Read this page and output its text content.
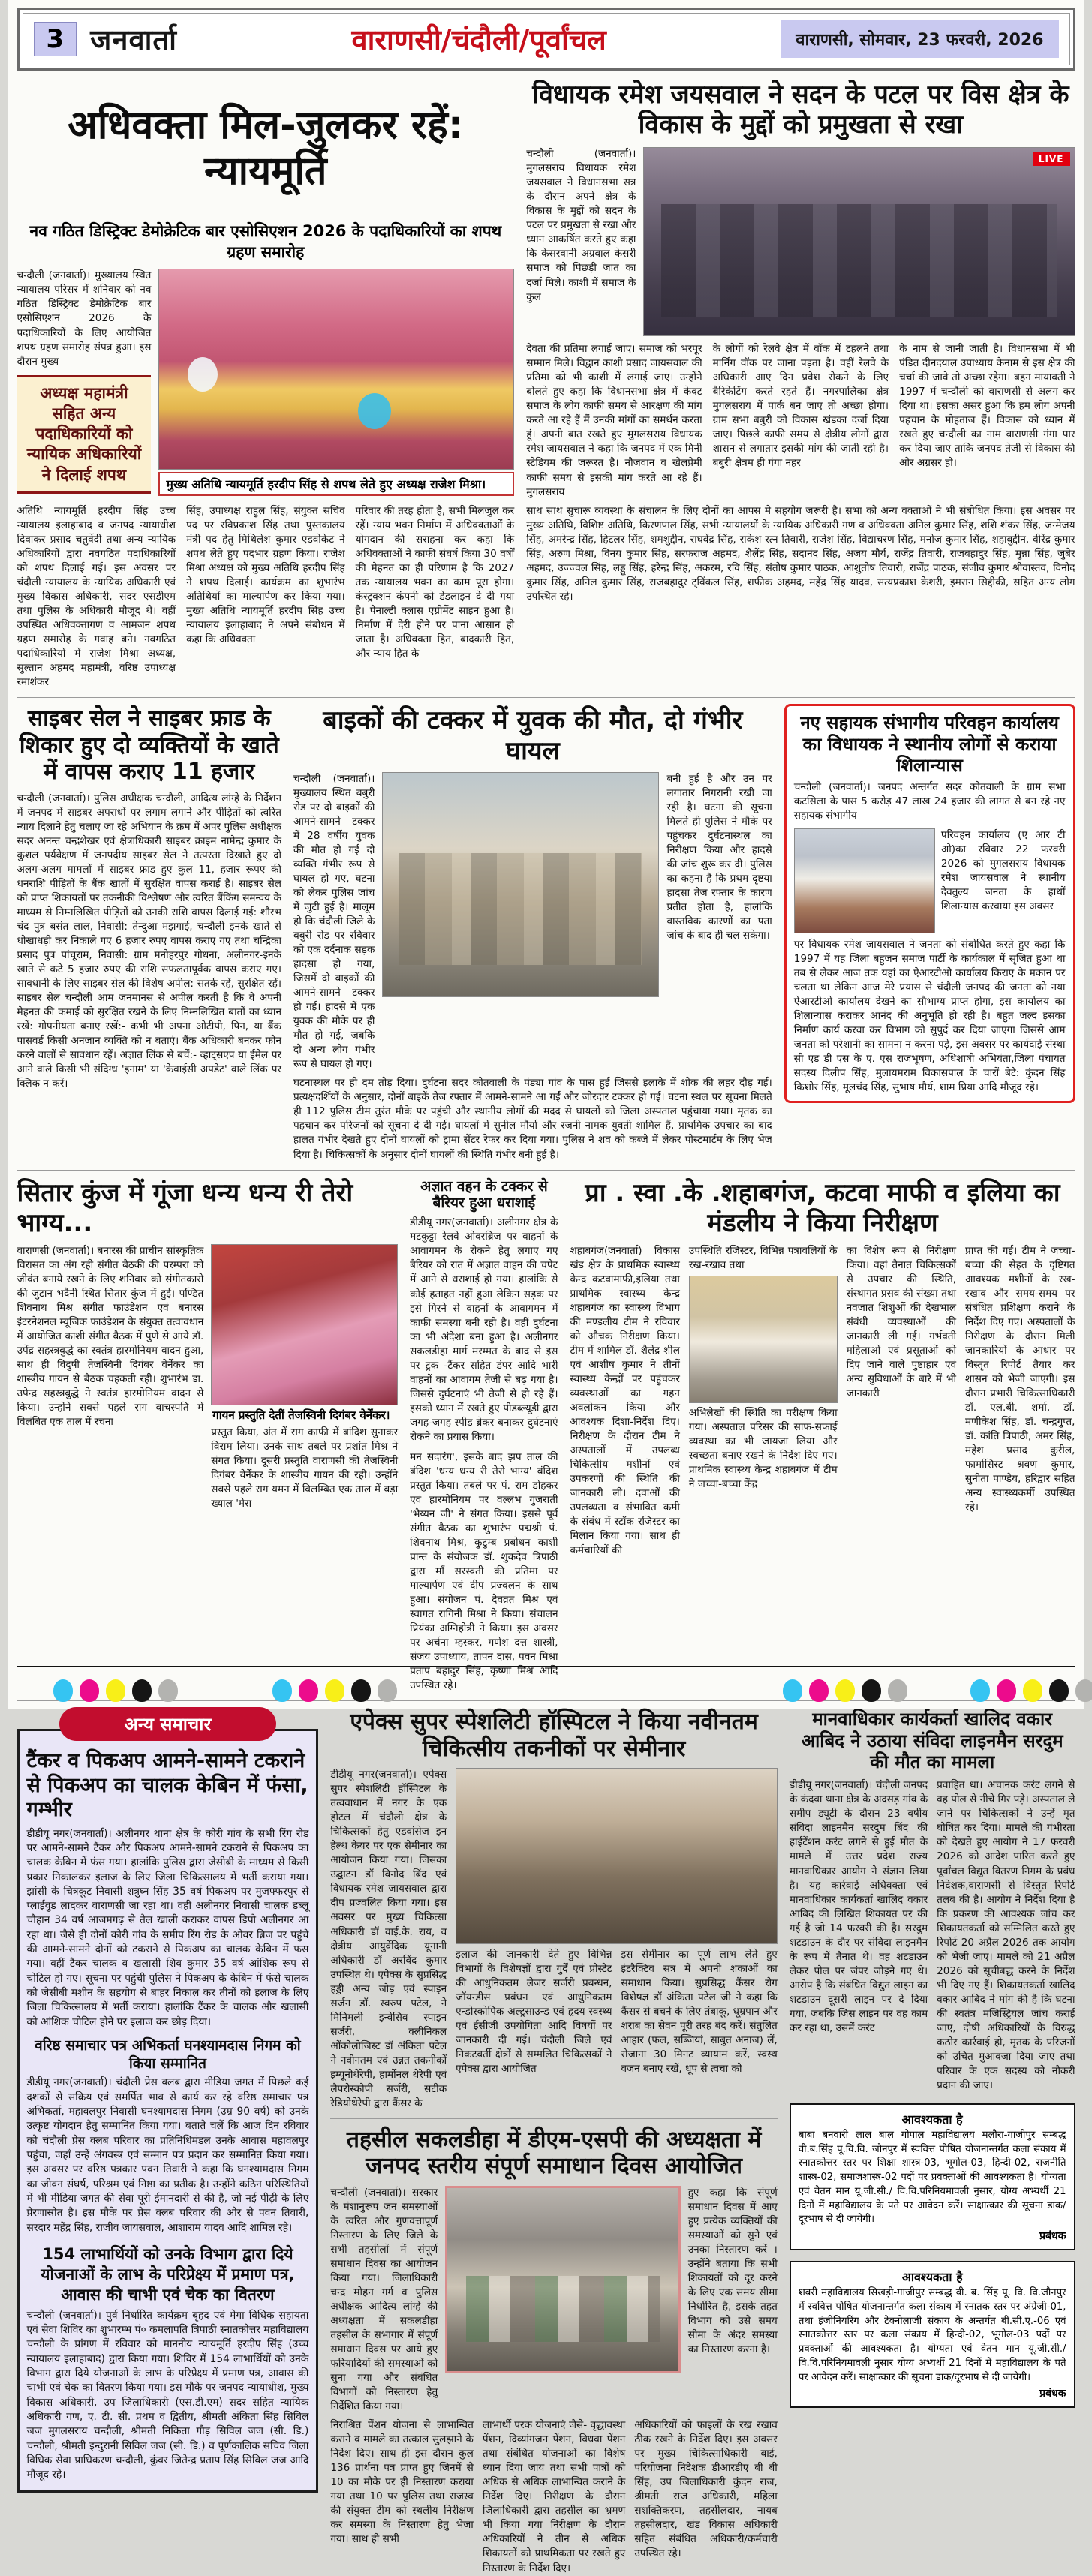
3 जनवार्ता	वाराणसी/चंदौली/पूर्वांचल	वाराणसी, सोमवार, 23 फरवरी, 2026
अधिवक्ता मिल-जुलकर रहें: न्यायमूर्ति
नव गठित डिस्ट्रिक्ट डेमोक्रेटिक बार एसोसिएशन 2026 के पदाधिकारियों का शपथ ग्रहण समारोह

चन्दौली (जनवार्ता)। मुख्यालय स्थित न्यायालय परिसर में शनिवार को नव गठित डिस्ट्रिक्ट डेमोक्रेटिक बार एसोसिएशन 2026 के पदाधिकारियों के लिए आयोजित शपथ ग्रहण समारोह संपन्न हुआ। इस दौरान मुख्य

अध्यक्ष महामंत्री सहित अन्य पदाधिकारियों को न्यायिक अधिकारियों ने दिलाई शपथ
मुख्य अतिथि न्यायमूर्ति हरदीप सिंह से शपथ लेते हुए अध्यक्ष राजेश मिश्रा।

अतिथि न्यायमूर्ति हरदीप सिंह उच्च न्यायालय इलाहाबाद व जनपद न्यायाधीश दिवाकर प्रसाद चतुर्वेदी तथा अन्य न्यायिक अधिकारियों द्वारा नवगठित पदाधिकारियों को शपथ दिलाई गई। इस अवसर पर चंदौली न्यायालय के न्यायिक अधिकारी एवं मुख्य विकास अधिकारी, सदर एसडीएम तथा पुलिस के अधिकारी मौजूद थे। वहीं उपस्थित अधिवक्तागण व आमजन शपथ ग्रहण समारोह के गवाह बने। नवगठित पदाधिकारियों में राजेश मिश्रा अध्यक्ष, सुल्तान अहमद महामंत्री, वरिष्ठ उपाध्यक्ष रमाशंकर

सिंह, उपाध्यक्ष राहुल सिंह, संयुक्त सचिव पद पर रविप्रकाश सिंह तथा पुस्तकालय मंत्री पद हेतु मिथिलेश कुमार एडवोकेट ने शपथ लेते हुए पदभार ग्रहण किया। राजेश मिश्रा अध्यक्ष को मुख्य अतिथि हरदीप सिंह ने शपथ दिलाई। कार्यक्रम का शुभारंभ अतिथियों का माल्यार्पण कर किया गया। मुख्य अतिथि न्यायमूर्ति हरदीप सिंह उच्च न्यायालय इलाहाबाद ने अपने संबोधन में कहा कि अधिवक्ता

परिवार की तरह होता है, सभी मिलजुल कर रहें। न्याय भवन निर्माण में अधिवक्ताओं के योगदान की सराहना कर कहा कि अधिवक्ताओं ने काफी संघर्ष किया 30 वर्षों की मेहनत का ही परिणाम है कि 2027 तक न्यायालय भवन का काम पूरा होगा। कंस्ट्रक्शन कंपनी को डेडलाइन दे दी गया है। पेनाल्टी क्लास एग्रीमेंट साइन हुआ है। निर्माण में देरी होने पर पाना आसान हो जाता है। अधिवक्ता हित, बादकारी हित, और न्याय हित के

विधायक रमेश जयसवाल ने सदन के पटल पर विस क्षेत्र के विकास के मुद्दों को प्रमुखता से रखा

चन्दौली (जनवार्ता)। मुगलसराय विधायक रमेश जयसवाल ने विधानसभा सत्र के दौरान अपने क्षेत्र के विकास के मुद्दों को सदन के पटल पर प्रमुखता से रखा और ध्यान आकर्षित करते हुए कहा कि केसरवानी अग्रवाल केसरी समाज को पिछड़ी जात का दर्जा मिले। काशी में समाज के कुल

LIVE

देवता की प्रतिमा लगाई जाए। समाज को भरपूर सम्मान मिले। विद्वान काशी प्रसाद जायसवाल की प्रतिमा को भी काशी में लगाई जाए। उन्होंने बोलते हुए कहा कि विधानसभा क्षेत्र में केवट समाज के लोग काफी समय से आरक्षण की मांग करते आ रहे हैं मैं उनकी मांगों का समर्थन करता हूं। अपनी बात रखते हुए मुगलसराय विधायक रमेश जायसवाल ने कहा कि जनपद में एक मिनी स्टेडियम की जरूरत है। नौजवान व खेलप्रेमी काफी समय से इसकी मांग करते आ रहे हैं। मुगलसराय

के लोगों को रेलवे क्षेत्र में वॉक में टहलने तथा मार्निंग वॉक पर जाना पड़ता है। वहीं रेलवे के अधिकारी आए दिन प्रवेश रोकने के लिए बैरिकेटिंग करते रहते हैं। नगरपालिका क्षेत्र मुगलसराय में पार्क बन जाए तो अच्छा होगा। ग्राम सभा बबुरी को विकास खंडका दर्जा दिया जाए। पिछले काफी समय से क्षेत्रीय लोगों द्वारा शासन से लगातार इसकी मांग की जाती रही है। बबुरी क्षेत्रम ही गंगा नहर

के नाम से जानी जाती है। विधानसभा में भी पंडित दीनदयाल उपाध्याय केनाम से इस क्षेत्र की चर्चा की जावे तो अच्छा रहेगा। बहन मायावती ने 1997 में चन्दौली को वाराणसी से अलग कर दिया था। इसका असर हुआ कि हम लोग अपनी पहचान के मोहताज हैं। विकास को ध्यान में रखते हुए चन्दौली का नाम वाराणसी गंगा पार कर दिया जाए ताकि जनपद तेजी से विकास की ओर अग्रसर हो।

साथ साथ सुचारू व्यवस्था के संचालन के लिए दोनों का आपस मे सहयोग जरूरी है। सभा को अन्य वक्ताओं ने भी संबोधित किया। इस अवसर पर मुख्य अतिथि, विशिष्ट अतिथि, किरणपाल सिंह, सभी न्यायालयों के न्यायिक अधिकारी गण व अधिवक्ता अनिल कुमार सिंह, शशि शंकर सिंह, जन्मेजय सिंह, अमरेन्द्र सिंह, हिटलर सिंह, शमशुद्दीन, राघवेंद्र सिंह, राकेश रत्न तिवारी, राजेश सिंह, विद्याचरण सिंह, मनोज कुमार सिंह, शहाबुद्दीन, वीरेंद्र कुमार सिंह, अरुण मिश्रा, विनय कुमार सिंह, सरफराज अहमद, शैलेंद्र सिंह, सदानंद सिंह, अजय मौर्य, राजेंद्र तिवारी, राजबहादुर सिंह, मुन्ना सिंह, जुबेर अहमद, उज्ज्वल सिंह, लड्डू सिंह, हरेन्द्र सिंह, अकरम, रवि सिंह, संतोष कुमार पाठक, आशुतोष तिवारी, राजेंद्र पाठक, संजीव कुमार श्रीवास्तव, विनोद कुमार सिंह, अनिल कुमार सिंह, राजबहादुर ट्विंकल सिंह, शफीक अहमद, महेंद्र सिंह यादव, सत्यप्रकाश केशरी, इमरान सिद्दीकी, सहित अन्य लोग उपस्थित रहे।

साइबर सेल ने साइबर फ्राड के शिकार हुए दो व्यक्तियों के खाते में वापस कराए 11 हजार

चन्दौली (जनवार्ता)। पुलिस अधीक्षक चन्दौली, आदित्य लांग्हे के निर्देशन में जनपद में साइबर अपराधों पर लगाम लगाने और पीड़ितों को त्वरित न्याय दिलाने हेतु चलाए जा रहे अभियान के क्रम में अपर पुलिस अधीक्षक सदर अनन्त चन्द्रशेखर एवं क्षेत्राधिकारी साइबर क्राइम नामेन्द्र कुमार के कुशल पर्यवेक्षण में जनपदीय साइबर सेल ने तत्परता दिखाते हुए दो अलग-अलग मामलों में साइबर फ्राड हुए कुल 11, हजार रूपए की धनराशि पीड़ितों के बैंक खातों में सुरक्षित वापस कराई है। साइबर सेल को प्राप्त शिकायतों पर तकनीकी विश्लेषण और त्वरित बैंकिंग समन्वय के माध्यम से निम्नलिखित पीड़ितों को उनकी राशि वापस दिलाई गई: शौरभ चंद पुत्र बसंत लाल, निवासी: तेन्दुआ मझगाई, चन्दौली इनके खाते से धोखाधड़ी कर निकाले गए 6 हजार रुपए वापस कराए गए तथा चन्द्रिका प्रसाद पुत्र पांचूराम, निवासी: ग्राम मनोहरपुर गोधना, अलीनगर-इनके खाते से कटे 5 हजार रुपए की राशि सफलतापूर्वक वापस कराए गए। सावधानी के लिए साइबर सेल की विशेष अपील: सतर्क रहें, सुरक्षित रहें। साइबर सेल चन्दौली आम जनमानस से अपील करती है कि वे अपनी मेहनत की कमाई को सुरक्षित रखने के लिए निम्नलिखित बातों का ध्यान रखें: गोपनीयता बनाए रखें:- कभी भी अपना ओटीपी, पिन, या बैंक पासवर्ड किसी अनजान व्यक्ति को न बताएं। बैंक अधिकारी बनकर फोन करने वालों से सावधान रहें। अज्ञात लिंक से बचें:- व्हाट्सएप या ईमेल पर आने वाले किसी भी संदिग्ध 'इनाम' या 'केवाईसी अपडेट' वाले लिंक पर क्लिक न करें।

बाइकों की टक्कर में युवक की मौत, दो गंभीर घायल

चन्दौली (जनवार्ता)। मुख्यालय स्थित बबुरी रोड पर दो बाइकों की आमने-सामने टक्कर में 28 वर्षीय युवक की मौत हो गई दो व्यक्ति गंभीर रूप से घायल हो गए, घटना को लेकर पुलिस जांच में जुटी हुई है। मालूम हो कि चंदौली जिले के बबुरी रोड पर रविवार को एक दर्दनाक सड़क हादसा हो गया, जिसमें दो बाइकों की आमने-सामने टक्कर हो गई। हादसे में एक युवक की मौके पर ही मौत हो गई, जबकि दो अन्य लोग गंभीर रूप से घायल हो गए।

बनी हुई है और उन पर लगातार निगरानी रखी जा रही है। घटना की सूचना मिलते ही पुलिस ने मौके पर पहुंचकर दुर्घटनास्थल का निरीक्षण किया और हादसे की जांच शुरू कर दी। पुलिस का कहना है कि प्रथम दृष्टया हादसा तेज रफ्तार के कारण प्रतीत होता है, हालांकि वास्तविक कारणों का पता जांच के बाद ही चल सकेगा।

घटनास्थल पर ही दम तोड़ दिया। दुर्घटना सदर कोतवाली के पंड्या गांव के पास हुई जिससे इलाके में शोक की लहर दौड़ गई। प्रत्यक्षदर्शियों के अनुसार, दोनों बाइकें तेज रफ्तार में आमने-सामने आ गईं और जोरदार टक्कर हो गई। घटना स्थल पर सूचना मिलते ही 112 पुलिस टीम तुरंत मौके पर पहुंची और स्थानीय लोगों की मदद से घायलों को जिला अस्पताल पहुंचाया गया। मृतक का पहचान कर परिजनों को सूचना दे दी गई। घायलों में सुनील मौर्या और रजनी नामक युवती शामिल हैं, प्राथमिक उपचार का बाद हालत गंभीर देखते हुए दोनों घायलों को ट्रामा सेंटर रेफर कर दिया गया। पुलिस ने शव को कब्जे में लेकर पोस्टमार्टम के लिए भेज दिया है। चिकित्सकों के अनुसार दोनों घायलों की स्थिति गंभीर बनी हुई है।

नए सहायक संभागीय परिवहन कार्यालय का विधायक ने स्थानीय लोगों से कराया शिलान्यास

चन्दौली (जनवार्ता)। जनपद अन्तर्गत सदर कोतवाली के ग्राम सभा कटसिला के पास 5 करोड़ 47 लाख 24 हजार की लागत से बन रहे नए सहायक संभागीय

परिवहन कार्यालय (ए आर टी ओ)का रविवार 22 फरवरी 2026 को मुगलसराय विधायक रमेश जायसवाल ने स्थानीय देवतुल्य जनता के हाथों शिलान्यास करवाया इस अवसर

पर विधायक रमेश जायसवाल ने जनता को संबोधित करते हुए कहा कि 1997 में यह जिला बहुजन समाज पार्टी के कार्यकाल में सृजित हुआ था तब से लेकर आज तक यहां का ऐआरटीओ कार्यालय किराए के मकान पर चलता था लेकिन आज मेरे प्रयास से चंदौली जनपद की जनता को नया ऐआरटीओ कार्यालय देखने का सौभाग्य प्राप्त होगा, इस कार्यालय का शिलान्यास कराकर आनंद की अनुभूति हो रही है। बहुत जल्द इसका निर्माण कार्य करवा कर विभाग को सुपुर्द कर दिया जाएगा जिससे आम जनता को परेशानी का सामना न करना पड़े, इस अवसर पर कार्यदाई संस्था सी एंड डी एस के ए. एस राजभूषण, अधिशाषी अभियंता,जिला पंचायत सदस्य दिलीप सिंह, मुलायमराम विकासपाल के चारों बेटे: कुंदन सिंह किशोर सिंह, मूलचंद सिंह, सुभाष मौर्य, शाम प्रिया आदि मौजूद रहे।

सितार कुंज में गूंजा धन्य धन्य री तेरो भाग्य...

वाराणसी (जनवार्ता)। बनारस की प्राचीन सांस्कृतिक विरासत का अंग रही संगीत बैठकी की परम्परा को जीवंत बनाये रखने के लिए शनिवार को संगीतकारो की जुटान भदैनी स्थित सितार कुंज में हुई। पण्डित शिवनाथ मिश्र संगीत फाउंडेशन एवं बनारस इंटरनेशनल म्यूजिक फाउंडेशन के संयुक्त तत्वावधान में आयोजित काशी संगीत बैठक में पुणे से आये डॉ. उपेंद्र सहस्त्रबुद्धे का स्वतंत्र हारमोनियम वादन हुआ, साथ ही विदुषी तेजस्विनी दिगंबर वेर्नेंकर का शास्त्रीय गायन से बैठक चहकती रही। शुभारंभ डा. उपेन्द्र सहस्त्रबुद्धे ने स्वतंत्र हारमोनियम वादन से किया। उन्होंने सबसे पहले राग वाचस्पति में विलंबित एक ताल में रचना

गायन प्रस्तुति देतीं तेजस्विनी दिगंबर वेर्नेंकर।

प्रस्तुत किया, अंत में राग काफी में बांदिश सुनाकर विराम लिया। उनके साथ तबले पर प्रशांत मिश्र ने संगत किया। दूसरी प्रस्तुति वाराणसी की तेजस्विनी दिगंबर वेर्नेंकर के शास्त्रीय गायन की रही। उन्होंने सबसे पहले राग यमन में विलम्बित एक ताल में बड़ा ख्याल 'मेरा

अज्ञात वहन के टक्कर से बैरियर हुआ धराशाई

डीडीयू नगर(जनवार्ता)। अलीनगर क्षेत्र के मटकुट्टा रेलवे ओवरब्रिज पर वाहनों के आवागमन के रोकने हेतु लगाए गए बैरियर को रात में अज्ञात वाहन की चपेट में आने से धराशाई हो गया। हालांकि से कोई हताहत नहीं हुआ लेकिन सड़क पर इसे गिरने से वाहनों के आवागमन में काफी समस्या बनी रही है। वहीं दुर्घटना का भी अंदेशा बना हुआ है। अलीनगर सकलडीहा मार्ग मरम्मत के बाद से इस पर ट्रक -टैंकर सहित डंपर आदि भारी वाहनों का आवागम तेजी से बढ़ गया है। जिससे दुर्घटनाएं भी तेजी से हो रहे हैं। इसको ध्यान में रखते हुए पीडब्ल्यूडी द्वारा जगह-जगह स्पीड ब्रेकर बनाकर दुर्घटनाएं रोकने का प्रयास किया।

मन सदारंग', इसके बाद झप ताल की बंदिश 'धन्य धन्य री तेरो भाग्य' बंदिश प्रस्तुत किया। तबले पर पं. राम डोहकर एवं हारमोनियम पर वल्लभ गुजराती 'भैय्यन जी' ने संगत किया। इससे पूर्व संगीत बैठक का शुभारंभ पद्मश्री पं. शिवनाथ मिश्र, कुटुम्ब प्रबोधन काशी प्रान्त के संयोजक डॉ. शुकदेव त्रिपाठी द्वारा माँ सरस्वती की प्रतिमा पर माल्यार्पण एवं दीप प्रज्वलन के साथ हुआ। संयोजन पं. देवव्रत मिश्र एवं स्वागत रागिनी मिश्रा ने किया। संचालन प्रियंका अग्निहोत्री ने किया। इस अवसर पर अर्चना म्हस्कर, गणेश दत्त शास्त्री, संजय उपाध्याय, तापन दास, पवन मिश्रा प्रताप बहादुर सिंह, कृष्णा मिश्र आदि उपस्थित रहे।

प्रा . स्वा .के .शहाबगंज, कटवा माफी व इलिया का मंडलीय ने किया निरीक्षण

शहाबगंज(जनवार्ता) विकास खंड क्षेत्र के प्राथमिक स्वास्थ्य केन्द्र कटवामाफी,इलिया तथा प्राथमिक स्वास्थ्य केन्द्र शहाबगंज का स्वास्थ्य विभाग की मण्डलीय टीम ने रविवार को औचक निरीक्षण किया। टीम में शामिल डॉ. शैलेंद्र शील एवं आशीष कुमार ने तीनों स्वास्थ्य केन्द्रों पर पहुंचकर व्यवस्थाओं का गहन अवलोकन किया और आवश्यक दिशा-निर्देश दिए। निरीक्षण के दौरान टीम ने अस्पतालों में उपलब्ध चिकित्सीय मशीनों एवं उपकरणों की स्थिति की जानकारी ली। दवाओं की उपलब्धता व संभावित कमी के संबंध में स्टॉक रजिस्टर का मिलान किया गया। साथ ही कर्मचारियों की

उपस्थिति रजिस्टर, विभिन्न पत्रावलियों के रख-रखाव तथा

अभिलेखों की स्थिति का परीक्षण किया गया। अस्पताल परिसर की साफ-सफाई व्यवस्था का भी जायजा लिया और स्वच्छता बनाए रखने के निर्देश दिए गए।प्राथमिक स्वास्थ्य केन्द्र शहाबगंज में टीम ने जच्चा-बच्चा केंद्र

का विशेष रूप से निरीक्षण किया। वहां तैनात चिकित्सकों से उपचार की स्थिति, संस्थागत प्रसव की संख्या तथा नवजात शिशुओं की देखभाल संबंधी व्यवस्थाओं की जानकारी ली गई। गर्भवती महिलाओं एवं प्रसूताओं को दिए जाने वाले पुष्टाहार एवं अन्य सुविधाओं के बारे में भी जानकारी

प्राप्त की गई। टीम ने जच्चा-बच्चा की सेहत के दृष्टिगत आवश्यक मशीनों के रख-रखाव और समय-समय पर संबंधित प्रशिक्षण कराने के निर्देश दिए गए। अस्पतालों के निरीक्षण के दौरान मिली जानकारियों के आधार पर विस्तृत रिपोर्ट तैयार कर शासन को भेजी जाएगी। इस दौरान प्रभारी चिकित्साधिकारी डॉ. एल.बी. शर्मा, डॉ. मणीकेश सिंह, डॉ. चन्द्रगुप्त, डॉ. कांति त्रिपाठी, अमर सिंह, महेश प्रसाद कुरील, फार्मासिस्ट श्रवण कुमार, सुनीता पाण्डेय, हरिद्वार सहित अन्य स्वास्थ्यकर्मी उपस्थित रहे।

अन्य समाचार
टैंकर व पिकअप आमने-सामने टकराने से पिकअप का चालक केबिन में फंसा, गम्भीर

डीडीयू नगर(जनवार्ता)। अलीनगर थाना क्षेत्र के कोरी गांव के सभी रिंग रोड पर आमने-सामने टैंकर और पिकअप आमने-सामने टकराने से पिकअप का चालक केबिन में फंस गया। हालांकि पुलिस द्वारा जेसीबी के माध्यम से किसी प्रकार निकालकर इलाज के लिए जिला चिकित्सालय में भर्ती कराया गया। झांसी के चित्रकूट निवासी शत्रुघ्न सिंह 35 वर्ष पिकअप पर मुजफ्फरपुर से प्लाईवुड लादकर वाराणसी जा रहा था। वही अलीनगर निवासी चालक डब्लू चौहान 34 वर्ष आजमगढ़ से तेल खाली कराकर वापस डिपो अलीनगर आ रहा था। जैसे ही दोनों कोरी गांव के समीप रिंग रोड के ओवर ब्रिज पर पहुंचे की आमने-सामने दोनों को टकराने से पिकअप का चालक केबिन में फस गया। वहीं टैंकर चालक व खलासी शिव कुमार 35 वर्ष आंशिक रूप से चोटिल हो गए। सूचना पर पहुंची पुलिस ने पिकअप के केबिन में फंसे चालक को जेसीबी मशीन के सहयोग से बाहर निकाल कर तीनों को इलाज के लिए जिला चिकित्सालय में भर्ती कराया। हालांकि टैंकर के चालक और खलासी को आंशिक चोटिल होने पर इलाज कर छोड़ दिया।

वरिष्ठ समाचार पत्र अभिकर्ता घनश्यामदास निगम को किया सम्मानित

डीडीयू नगर(जनवार्ता)। चंदौली प्रेस क्लब द्वारा मीडिया जगत में पिछले कई दशकों से सक्रिय एवं समर्पित भाव से कार्य कर रहे वरिष्ठ समाचार पत्र अभिकर्ता, महावलपुर निवासी घनश्यामदास निगम (उम्र 90 वर्ष) को उनके उत्कृष्ट योगदान हेतु सम्मानित किया गया। बताते चलें कि आज दिन रविवार को चंदौली प्रेस क्लब परिवार का प्रतिनिधिमंडल उनके आवास महावलपुर पहुंचा, जहाँ उन्हें अंगवस्त्र एवं सम्मान पत्र प्रदान कर सम्मानित किया गया। इस अवसर पर वरिष्ठ पत्रकार पवन तिवारी ने कहा कि घनश्यामदास निगम का जीवन संघर्ष, परिश्रम एवं निष्ठा का प्रतीक है। उन्होंने कठिन परिस्थितियों में भी मीडिया जगत की सेवा पूरी ईमानदारी से की है, जो नई पीढ़ी के लिए प्रेरणास्रोत है। इस मौके पर प्रेस क्लब परिवार की ओर से पवन तिवारी, सरदार महेंद्र सिंह, राजीव जायसवाल, आशाराम यादव आदि शामिल रहे।

154 लाभार्थियों को उनके विभाग द्वारा दिये योजनाओं के लाभ के परिप्रेक्ष्य में प्रमाण पत्र, आवास की चाभी एवं चेक का वितरण

चन्दौली (जनवार्ता)। पुर्व निर्धारित कार्यक्रम बृहद एवं मेगा विधिक सहायता एवं सेवा शिविर का शुभारम्भ पं० कमलापति त्रिपाठी स्नातकोत्तर महाविद्यालय चन्दौली के प्रांगण में रविवार को माननीय न्यायमूर्ति हरदीप सिंह (उच्च न्यायालय इलाहाबाद) द्वारा किया गया। शिविर में 154 लाभार्थियों को उनके विभाग द्वारा दिये योजनाओं के लाभ के परिप्रेक्ष्य में प्रमाण पत्र, आवास की चाभी एवं चेक का वितरण किया गया। इस मौके पर जनपद न्यायाधीश, मुख्य विकास अधिकारी, उप जिलाधिकारी (एस.डी.एम) सदर सहित न्यायिक अधिकारी गण, ए. टी. सी. प्रथम व द्वितीय, श्रीमती अंकिता सिंह सिविल जज मुगलसराय चन्दौली, श्रीमती निकिता गौड़ सिविल जज (सी. डि.) चन्दौली, श्रीमती इन्दुरानी सिविल जज (सी. डि.) व पूर्णकालिक सचिव जिला विधिक सेवा प्राधिकरण चन्दौली, कुंवर जितेन्द्र प्रताप सिंह सिविल जज आदि मौजूद रहे।

एपेक्स सुपर स्पेशलिटी हॉस्पिटल ने किया नवीनतम चिकित्सीय तकनीकों पर सेमीनार

डीडीयू नगर(जनवार्ता)। एपेक्स सुपर स्पेशलिटी हॉस्पिटल के तत्ववाधान में नगर के एक होटल में चंदौली क्षेत्र के चिकित्सकों हेतु एडवांसेज इन हेल्थ केयर पर एक सेमीनार का आयोजन किया गया। जिसका उद्घाटन डॉ विनोद बिंद एवं विधायक रमेश जायसवाल द्वारा दीप प्रज्वलित किया गया। इस अवसर पर मुख्य चिकित्सा अधिकारी डॉ वाई.के. राय, व क्षेत्रीय आयुर्वेदिक यूनानी अधिकारी डॉ अरविंद कुमार उपस्थित थे। एपेक्स के सुप्रसिद्ध हड्डी अन्य जोड़ एवं स्पाइन सर्जन डॉ. स्वरुप पटेल, ने मिनिमली इन्वेसिव स्पाइन सर्जरी, क्लीनिकल ओंकोलोजिस्ट डॉ अंकिता पटेल ने नवीनतम एवं उन्नत तकनीकों इम्यूनोथेरेपी, हार्मोनल थेरेपी एवं लैपरोस्कोपी सर्जरी, सटीक रेडियोथेरेपी द्वारा कैंसर के

इलाज की जानकारी देते हुए विभिन्न विभागों के विशेषज्ञों द्वारा गुर्दें एवं प्रोस्टेट की आधुनिकतम लेजर सर्जरी प्रबन्धन, जॉयन्डीस प्रबंधन एवं आधुनिकतम एन्डोस्कोपिक अल्ट्रसाउन्ड एवं हृदय स्वस्थ्य एवं ईसीजी उपयोगिता आदि विषयों पर जानकारी दी गई। चंदौली जिले एवं निकटवर्ती क्षेत्रों से सम्मलित चिकित्सकों ने एपेक्स द्वारा आयोजित

इस सेमीनार का पूर्ण लाभ लेते हुए इंटरैक्टिव सत्र में अपनी शंकाओं का समाधान किया। सुप्रसिद्ध कैंसर रोग विशेषज्ञ डॉ अंकिता पटेल जी ने कहा कि कैंसर से बचने के लिए तंबाकू, धूम्रपान और शराब का सेवन पूरी तरह बंद करें। संतुलित आहार (फल, सब्जियां, साबुत अनाज) लें, रोजाना 30 मिनट व्यायाम करें, स्वस्थ वजन बनाए रखें, धूप से त्वचा को

तहसील सकलडीहा में डीएम-एसपी की अध्यक्षता में जनपद स्तरीय संपूर्ण समाधान दिवस आयोजित

चन्दौली (जनवार्ता)। सरकार के मंशानुरूप जन समस्याओं के त्वरित और गुणवत्तापूर्ण निस्तारण के लिए जिले के सभी तहसीलों में संपूर्ण समाधान दिवस का आयोजन किया गया। जिलाधिकारी चन्द्र मोहन गर्ग व पुलिस अधीक्षक आदित्य लांग्हे की अध्यक्षता में सकलडीहा तहसील के सभागार में संपूर्ण समाधान दिवस पर आये हुए फरियादियों की समस्याओं को सुना गया और संबंधित विभागों को निस्तारण हेतु निर्देशित किया गया।

हुए कहा कि संपूर्ण समाधान दिवस में आए हुए प्रत्येक व्यक्तियों की समस्याओं को सुने एवं उनका निस्तारण करें । उन्होंने बताया कि सभी शिकायतों को दूर करने के लिए एक समय सीमा निर्धारित है, इसके तहत विभाग को उसे समय सीमा के अंदर समस्या का निस्तारण करना है।

निराश्रित पेंशन योजना से लाभान्वित कराने व मामले का तत्काल सुलझाने के निर्देश दिए। साथ ही इस दौरान कुल 136 प्रार्थना पत्र प्राप्त हुए जिनमें से 10 का मौके पर ही निस्तारण कराया गया तथा 10 पर पुलिस तथा राजस्व की संयुक्त टीम को स्थलीय निरीक्षण कर समस्या के निस्तारण हेतु भेजा गया। साथ ही सभी

लाभार्थी परक योजनाएं जैसे- वृद्धावस्था पेंशन, दिव्यांगजन पेंशन, विधवा पेंशन तथा संबंधित योजनाओं का विशेष ध्यान दिया जाय तथा सभी पात्रों को अधिक से अधिक लाभान्वित कराने के निर्देश दिए। निरीक्षण के दौरान जिलाधिकारी द्वारा तहसील का भ्रमण भी किया गया निरीक्षण के दौरान अधिकारियों ने तीन से अधिक शिकायतों को प्राथमिकता पर रखते हुए निस्तारण के निर्देश दिए।

अधिकारियों को फाइलों के रख रखाव ठीक रखने के निर्देश दिए। इस अवसर पर मुख्य चिकित्साधिकारी बाई, परियोजना निदेशक डीआरडीए बी बी सिंह, उप जिलाधिकारी कुंदन राज, श्रीमती राज अधिकारी, महिला सशक्तिकरण, तहसीलदार, नायब तहसीलदार, खंड विकास अधिकारी सहित संबंधित अधिकारी/कर्मचारी उपस्थित रहे।

मानवाधिकार कार्यकर्ता खालिद वकार आबिद ने उठाया संविदा लाइनमैन सरदुम की मौत का मामला

डीडीयू नगर(जनवार्ता)। चंदौली जनपद के कंदवा थाना क्षेत्र के अदसड़ गांव के समीप ड्यूटी के दौरान 23 वर्षीय संविदा लाइनमैन सरदुम बिंद की हाईटेंशन करंट लगने से हुई मौत के मामले में उत्तर प्रदेश राज्य मानवाधिकार आयोग ने संज्ञान लिया है। यह कार्रवाई अधिवक्ता एवं मानवाधिकार कार्यकर्ता खालिद वकार आबिद की लिखित शिकायत पर की गई है जो 14 फरवरी की है। सरदुम शटडाउन के दौर पर संविदा लाइनमैन के रूप में तैनात थे। वह शटडाउन लेकर पोल पर जंपर जोड़ने गए थे। आरोप है कि संबंधित विद्युत लाइन का शटडाउन दूसरी लाइन पर दे दिया गया, जबकि जिस लाइन पर वह काम कर रहा था, उसमें करंट

प्रवाहित था। अचानक करंट लगने से वह पोल से नीचे गिर पड़े। अस्पताल ले जाने पर चिकित्सकों ने उन्हें मृत घोषित कर दिया। मामले की गंभीरता को देखते हुए आयोग ने 17 फरवरी 2026 को आदेश पारित करते हुए पूर्वांचल विद्युत वितरण निगम के प्रबंध निदेशक,वाराणसी से विस्तृत रिपोर्ट तलब की है। आयोग ने निर्देश दिया है कि प्रकरण की आवश्यक जांच कर शिकायतकर्ता को सम्मिलित करते हुए रिपोर्ट 20 अप्रैल 2026 तक आयोग को भेजी जाए। मामले को 21 अप्रैल 2026 को सूचीबद्ध करने के निर्देश भी दिए गए हैं। शिकायतकर्ता खालिद वकार आबिद ने मांग की है कि घटना की स्वतंत्र मजिस्ट्रियल जांच कराई जाए, दोषी अधिकारियों के विरुद्ध कठोर कार्रवाई हो, मृतक के परिजनों को उचित मुआवजा दिया जाए तथा परिवार के एक सदस्य को नौकरी प्रदान की जाए।

आवश्यकता है
बाबा बनवारी लाल बाल गोपाल महाविद्यालय मलौरा-गाजीपुर सम्बद्ध वी.ब.सिंह पू.वि.वि. जौनपुर में स्ववित्त पोषित योजनान्तर्गत कला संकाय में स्नातकोत्तर स्तर पर शिक्षा शास्त्र-03, भूगोल-03, हिन्दी-02, राजनीति शास्त्र-02, समाजशास्त्र-02 पदों पर प्रवक्ताओं की आवश्यकता है। योग्यता एवं वेतन मान यू.जी.सी./ वि.वि.परिनियमावली नुसार, योग्य अभ्यर्थी 21 दिनों में महाविद्यालय के पते पर आवेदन करें। साक्षात्कार की सूचना डाक/दूरभाष से दी जायेगी।
प्रबंधक
आवश्यकता है
शबरी महाविद्यालय सिखड़ी-गाजीपुर सम्बद्ध वी. ब. सिंह पू. वि. वि.जौनपुर में स्ववित्त पोषित योजनान्तर्गत कला संकाय में स्नातक स्तर पर अंग्रेजी-01, तथा इंजीनियरिंग और टेक्नोलाजी संकाय के अन्तर्गत बी.सी.ए.-06 एवं स्नातकोत्तर स्तर पर कला संकाय में हिन्दी-02, भूगोल-03 पदों पर प्रवक्ताओं की आवश्यकता है। योग्यता एवं वेतन मान यू.जी.सी./वि.वि.परिनियमावली नुसार योग्य अभ्यर्थी 21 दिनों में महाविद्यालय के पते पर आवेदन करें। साक्षात्कार की सूचना डाक/दूरभाष से दी जायेगी।
प्रबंधक
